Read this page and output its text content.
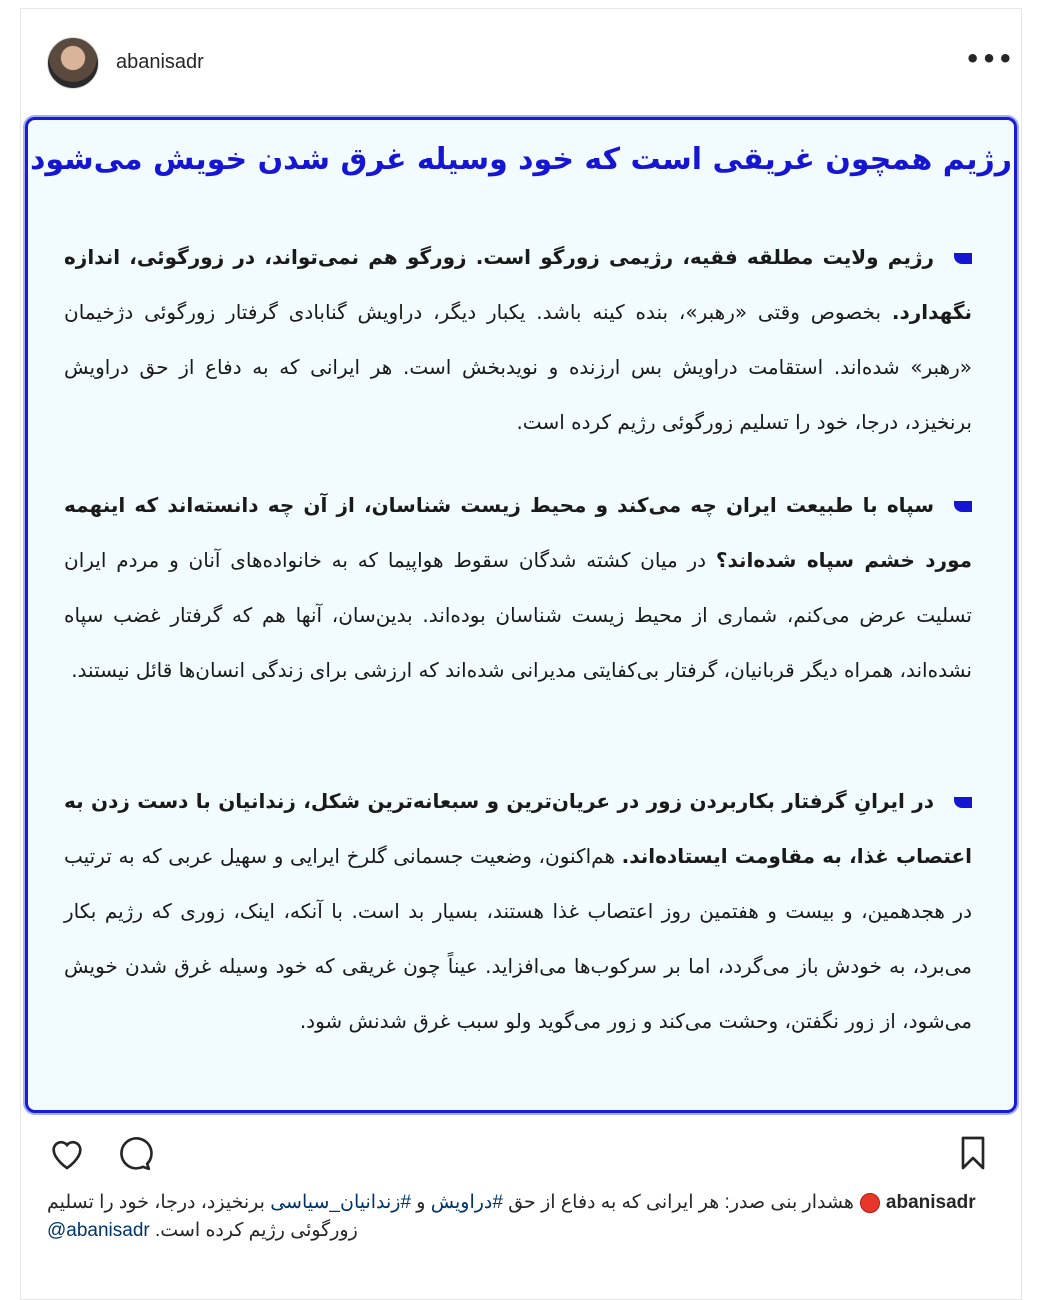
abanisadr	•••
رژیم همچون غریقی است که خود وسیله غرق شدن خویش می‌شود
رژیم ولایت مطلقه فقیه، رژیمی زورگو است. زورگو هم نمی‌تواند، در زورگوئی، اندازه نگهدارد. بخصوص وقتی «رهبر»، بنده کینه باشد. یکبار دیگر، دراویش گنابادی گرفتار زورگوئی دژخیمان «رهبر» شده‌اند. استقامت دراویش بس ارزنده و نویدبخش است. هر ایرانی که به دفاع از حق دراویش برنخیزد، درجا، خود را تسلیم زورگوئی رژیم کرده است.
سپاه با طبیعت ایران چه می‌کند و محیط زیست شناسان، از آن چه دانسته‌اند که اینهمه مورد خشم سپاه شده‌اند؟ در میان کشته شدگان سقوط هواپیما که به خانواده‌های آنان و مردم ایران تسلیت عرض می‌کنم، شماری از محیط زیست شناسان بوده‌اند. بدین‌سان، آنها هم که گرفتار غضب سپاه نشده‌اند، همراه دیگر قربانیان، گرفتار بی‌کفایتی مدیرانی شده‌اند که ارزشی برای زندگی انسان‌ها قائل نیستند.
در ایرانِ گرفتار بکاربردن زور در عریان‌ترین و سبعانه‌ترین شکل، زندانیان با دست زدن به اعتصاب غذا، به مقاومت ایستاده‌اند. هم‌اکنون، وضعیت جسمانی گلرخ ایرایی و سهیل عربی که به ترتیب در هجدهمین، و بیست و هفتمین روز اعتصاب غذا هستند، بسیار بد است. با آنکه، اینک، زوری که رژیم بکار می‌برد، به خودش باز می‌گردد، اما بر سرکوب‌ها می‌افزاید. عیناً چون غریقی که خود وسیله غرق شدن خویش می‌شود، از زور نگفتن، وحشت می‌کند و زور می‌گوید ولو سبب غرق شدنش شود.
abanisadrهشدار بنی صدر: هر ایرانی که به دفاع از حق #دراویش و #زندانیان_سیاسی برنخیزد، درجا، خود را تسلیم زورگوئی رژیم کرده است. @abanisadr
